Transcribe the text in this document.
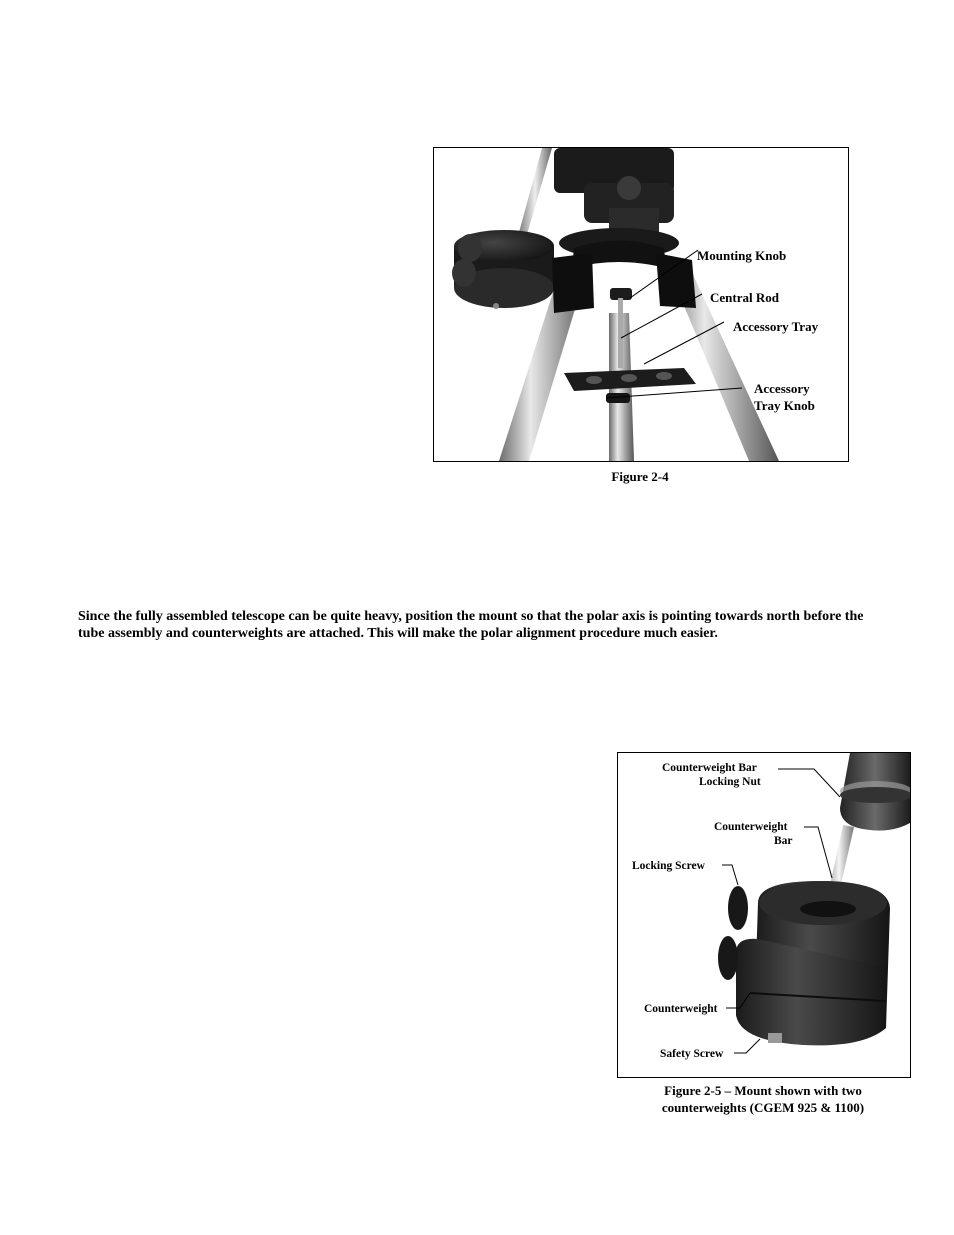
Mounting Knob
Central Rod
Accessory Tray
Accessory
Tray Knob
Figure 2-4
Since the fully assembled telescope can be quite heavy, position the mount so that the polar axis is pointing towards north before the tube assembly and counterweights are attached. This will make the polar alignment procedure much easier.
Counterweight Bar
Locking Nut
Counterweight
Bar
Locking Screw
Counterweight
Safety Screw
Figure 2-5 – Mount shown with two
counterweights (CGEM 925 & 1100)
